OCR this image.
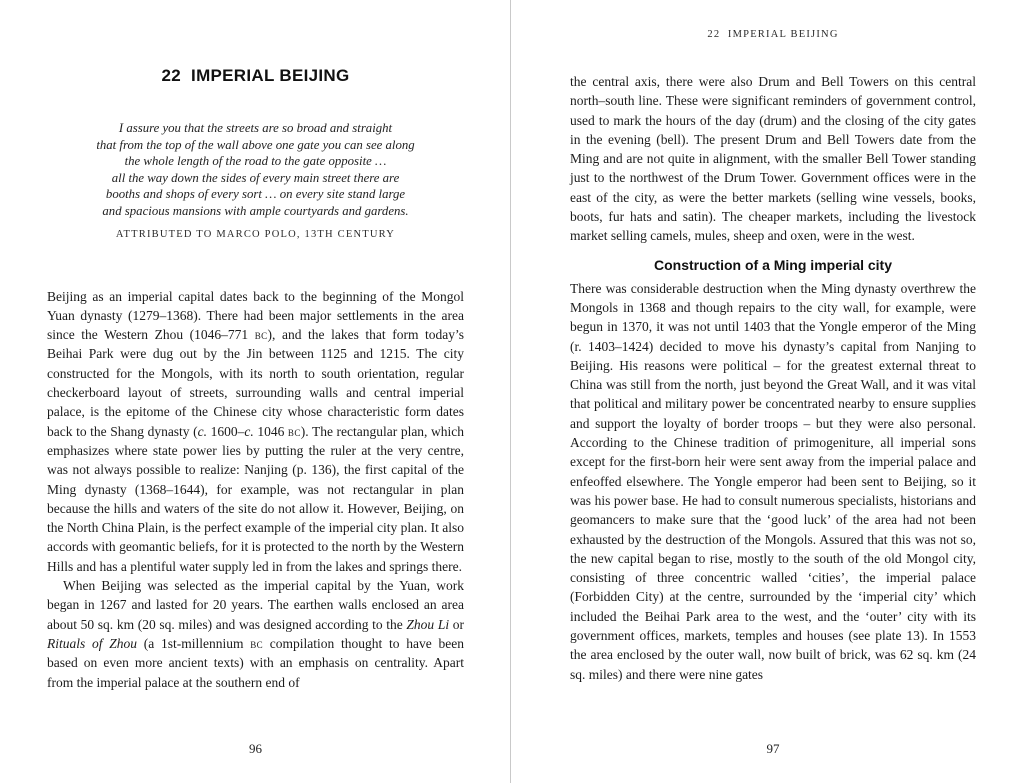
22  IMPERIAL BEIJING
I assure you that the streets are so broad and straight
that from the top of the wall above one gate you can see along
the whole length of the road to the gate opposite …
all the way down the sides of every main street there are
booths and shops of every sort … on every site stand large
and spacious mansions with ample courtyards and gardens.
ATTRIBUTED TO MARCO POLO, 13TH CENTURY

Beijing as an imperial capital dates back to the beginning of the Mongol Yuan dynasty (1279–1368). There had been major settlements in the area since the Western Zhou (1046–771 bc), and the lakes that form today’s Beihai Park were dug out by the Jin between 1125 and 1215. The city constructed for the Mongols, with its north to south orientation, regular checkerboard layout of streets, surrounding walls and central imperial palace, is the epitome of the Chinese city whose characteristic form dates back to the Shang dynasty (c. 1600–c. 1046 bc). The rectangular plan, which emphasizes where state power lies by putting the ruler at the very centre, was not always possible to realize: Nanjing (p. 136), the first capital of the Ming dynasty (1368–1644), for example, was not rectangular in plan because the hills and waters of the site do not allow it. However, Beijing, on the North China Plain, is the perfect example of the imperial city plan. It also accords with geomantic beliefs, for it is protected to the north by the Western Hills and has a plentiful water supply led in from the lakes and springs there.

When Beijing was selected as the imperial capital by the Yuan, work began in 1267 and lasted for 20 years. The earthen walls enclosed an area about 50 sq. km (20 sq. miles) and was designed according to the Zhou Li or Rituals of Zhou (a 1st-millennium bc compilation thought to have been based on even more ancient texts) with an emphasis on centrality. Apart from the imperial palace at the southern end of

96
22  IMPERIAL BEIJING

the central axis, there were also Drum and Bell Towers on this central north–south line. These were significant reminders of government control, used to mark the hours of the day (drum) and the closing of the city gates in the evening (bell). The present Drum and Bell Towers date from the Ming and are not quite in alignment, with the smaller Bell Tower standing just to the northwest of the Drum Tower. Government offices were in the east of the city, as were the better markets (selling wine vessels, books, boots, fur hats and satin). The cheaper markets, including the livestock market selling camels, mules, sheep and oxen, were in the west.

Construction of a Ming imperial city

There was considerable destruction when the Ming dynasty overthrew the Mongols in 1368 and though repairs to the city wall, for example, were begun in 1370, it was not until 1403 that the Yongle emperor of the Ming (r. 1403–1424) decided to move his dynasty’s capital from Nanjing to Beijing. His reasons were political – for the greatest external threat to China was still from the north, just beyond the Great Wall, and it was vital that political and military power be concentrated nearby to ensure supplies and support the loyalty of border troops – but they were also personal. According to the Chinese tradition of primogeniture, all imperial sons except for the first-born heir were sent away from the imperial palace and enfeoffed elsewhere. The Yongle emperor had been sent to Beijing, so it was his power base. He had to consult numerous specialists, historians and geomancers to make sure that the ‘good luck’ of the area had not been exhausted by the destruction of the Mongols. Assured that this was not so, the new capital began to rise, mostly to the south of the old Mongol city, consisting of three concentric walled ‘cities’, the imperial palace (Forbidden City) at the centre, surrounded by the ‘imperial city’ which included the Beihai Park area to the west, and the ‘outer’ city with its government offices, markets, temples and houses (see plate 13). In 1553 the area enclosed by the outer wall, now built of brick, was 62 sq. km (24 sq. miles) and there were nine gates

97
